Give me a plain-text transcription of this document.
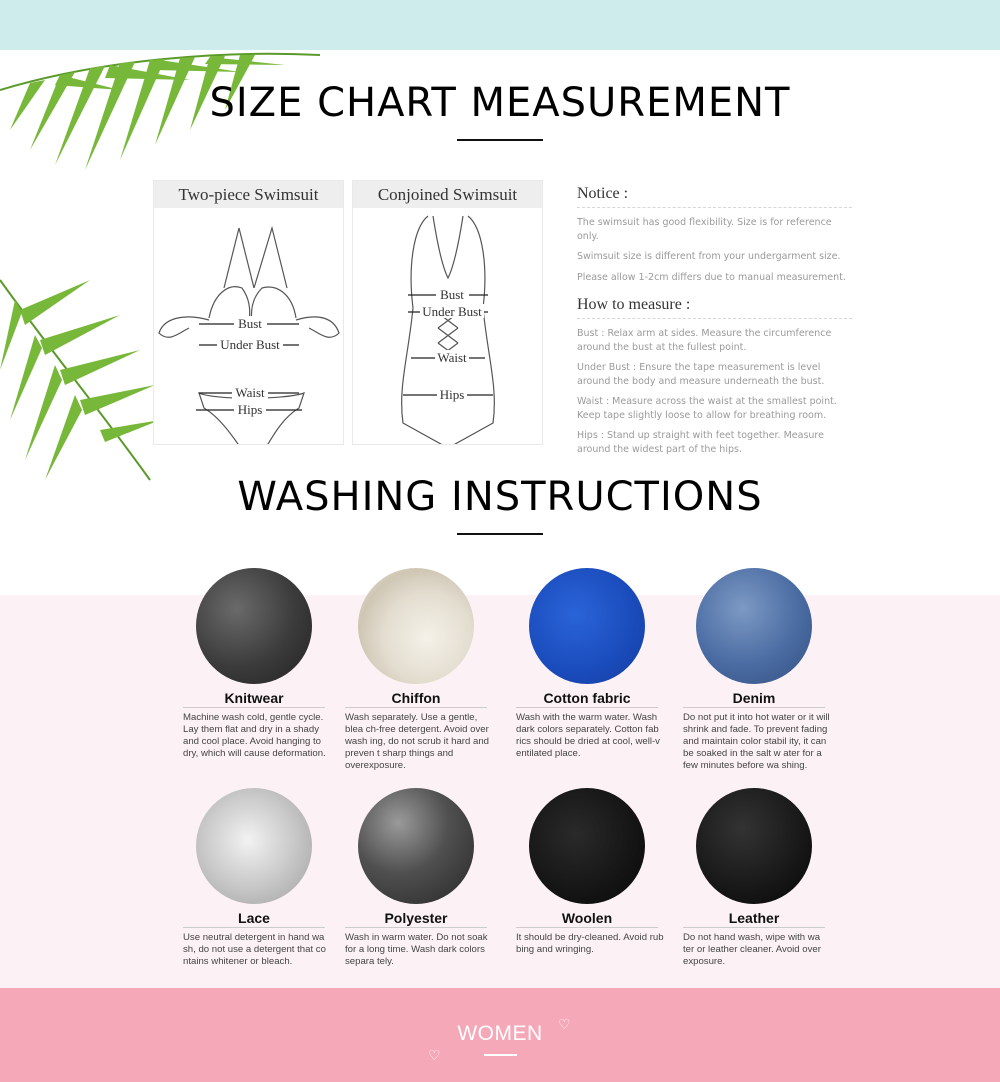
SIZE CHART MEASUREMENT
Two-piece Swimsuit
Bust
Under Bust
Waist
Hips
Conjoined Swimsuit
Bust
Under Bust
Waist
Hips
Notice :
The swimsuit has good flexibility. Size is for reference only.
Swimsuit size is different from your undergarment size.
Please allow 1-2cm differs due to manual measurement.
How to measure :
Bust : Relax arm at sides. Measure the circumference around the bust at the fullest point.
Under Bust : Ensure the tape measurement is level around the body and measure underneath the bust.
Waist : Measure across the waist at the smallest point. Keep tape slightly loose to allow for breathing room.
Hips : Stand up straight with feet together. Measure around the widest part of the hips.
WASHING INSTRUCTIONS
Knitwear
Machine wash cold, gentle cycle. Lay them flat and dry in a shady and cool place. Avoid hanging to dry, which will cause deformation.
Chiffon
Wash separately. Use a gentle, blea ch-free detergent. Avoid over wash ing, do not scrub it hard and preven t sharp things and overexposure.
Cotton fabric
Wash with the warm water. Wash dark colors separately. Cotton fab rics should be dried at cool, well-v entilated place.
Denim
Do not put it into hot water or it will shrink and fade. To prevent fading and maintain color stabil ity, it can be soaked in the salt w ater for a few minutes before wa shing.
Lace
Use neutral detergent in hand wa sh, do not use a detergent that co ntains whitener or bleach.
Polyester
Wash in warm water. Do not soak for a long time. Wash dark colors separa tely.
Woolen
It should be dry-cleaned. Avoid rub bing and wringing.
Leather
Do not hand wash, wipe with wa ter or leather cleaner. Avoid over exposure.
WOMEN	♡
♡
